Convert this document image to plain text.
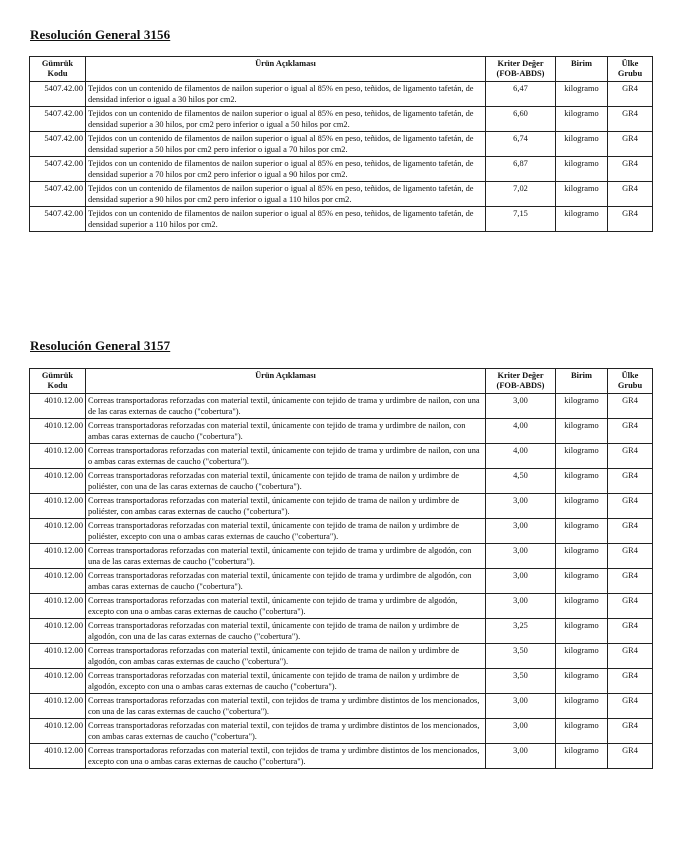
Resolución General 3156
Gümrük Kodu	Ürün Açıklaması	Kriter Değer (FOB-ABDS)	Birim	Ülke Grubu
5407.42.00	Tejidos con un contenido de filamentos de nailon superior o igual al 85% en peso, teñidos, de ligamento tafetán, de densidad inferior o igual a 30 hilos por cm2.	6,47	kilogramo	GR4
5407.42.00	Tejidos con un contenido de filamentos de nailon superior o igual al 85% en peso, teñidos, de ligamento tafetán, de densidad superior a 30 hilos, por cm2 pero inferior o igual a 50 hilos por cm2.	6,60	kilogramo	GR4
5407.42.00	Tejidos con un contenido de filamentos de nailon superior o igual al 85% en peso, teñidos, de ligamento tafetán, de densidad superior a 50 hilos por cm2 pero inferior o igual a 70 hilos por cm2.	6,74	kilogramo	GR4
5407.42.00	Tejidos con un contenido de filamentos de nailon superior o igual al 85% en peso, teñidos, de ligamento tafetán, de densidad superior a 70 hilos por cm2 pero inferior o igual a 90 hilos por cm2.	6,87	kilogramo	GR4
5407.42.00	Tejidos con un contenido de filamentos de nailon superior o igual al 85% en peso, teñidos, de ligamento tafetán, de densidad superior a 90 hilos por cm2 pero inferior o igual a 110 hilos por cm2.	7,02	kilogramo	GR4
5407.42.00	Tejidos con un contenido de filamentos de nailon superior o igual al 85% en peso, teñidos, de ligamento tafetán, de densidad superior a 110 hilos por cm2.	7,15	kilogramo	GR4
Resolución General 3157
Gümrük Kodu	Ürün Açıklaması	Kriter Değer (FOB-ABDS)	Birim	Ülke Grubu
4010.12.00	Correas transportadoras reforzadas con material textil, únicamente con tejido de trama y urdimbre de nailon, con una de las caras externas de caucho ("cobertura").	3,00	kilogramo	GR4
4010.12.00	Correas transportadoras reforzadas con material textil, únicamente con tejido de trama y urdimbre de nailon, con ambas caras externas de caucho ("cobertura").	4,00	kilogramo	GR4
4010.12.00	Correas transportadoras reforzadas con material textil, únicamente con tejido de trama y urdimbre de nailon, con una o ambas caras externas de caucho ("cobertura").	4,00	kilogramo	GR4
4010.12.00	Correas transportadoras reforzadas con material textil, únicamente con tejido de trama de nailon y urdimbre de poliéster, con una de las caras externas de caucho ("cobertura").	4,50	kilogramo	GR4
4010.12.00	Correas transportadoras reforzadas con material textil, únicamente con tejido de trama de nailon y urdimbre de poliéster, con ambas caras externas de caucho ("cobertura").	3,00	kilogramo	GR4
4010.12.00	Correas transportadoras reforzadas con material textil, únicamente con tejido de trama de nailon y urdimbre de poliéster, excepto con una o ambas caras externas de caucho ("cobertura").	3,00	kilogramo	GR4
4010.12.00	Correas transportadoras reforzadas con material textil, únicamente con tejido de trama y urdimbre de algodón, con una de las caras externas de caucho ("cobertura").	3,00	kilogramo	GR4
4010.12.00	Correas transportadoras reforzadas con material textil, únicamente con tejido de trama y urdimbre de algodón, con ambas caras externas de caucho ("cobertura").	3,00	kilogramo	GR4
4010.12.00	Correas transportadoras reforzadas con material textil, únicamente con tejido de trama y urdimbre de algodón, excepto con una o ambas caras externas de caucho ("cobertura").	3,00	kilogramo	GR4
4010.12.00	Correas transportadoras reforzadas con material textil, únicamente con tejido de trama de nailon y urdimbre de algodón, con una de las caras externas de caucho ("cobertura").	3,25	kilogramo	GR4
4010.12.00	Correas transportadoras reforzadas con material textil, únicamente con tejido de trama de nailon y urdimbre de algodón, con ambas caras externas de caucho ("cobertura").	3,50	kilogramo	GR4
4010.12.00	Correas transportadoras reforzadas con material textil, únicamente con tejido de trama de nailon y urdimbre de algodón, excepto con una o ambas caras externas de caucho ("cobertura").	3,50	kilogramo	GR4
4010.12.00	Correas transportadoras reforzadas con material textil, con tejidos de trama y urdimbre distintos de los mencionados, con una de las caras externas de caucho ("cobertura").	3,00	kilogramo	GR4
4010.12.00	Correas transportadoras reforzadas con material textil, con tejidos de trama y urdimbre distintos de los mencionados, con ambas caras externas de caucho ("cobertura").	3,00	kilogramo	GR4
4010.12.00	Correas transportadoras reforzadas con material textil, con tejidos de trama y urdimbre distintos de los mencionados, excepto con una o ambas caras externas de caucho ("cobertura").	3,00	kilogramo	GR4
